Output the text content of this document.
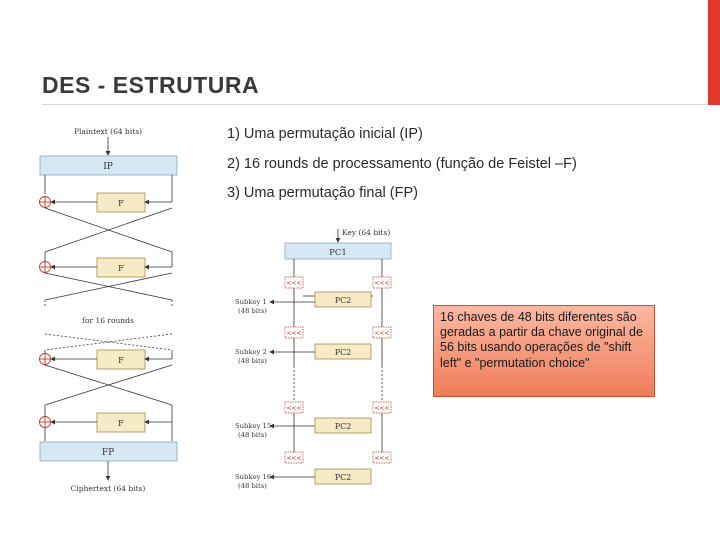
DES - ESTRUTURA
1) Uma permutação inicial (IP)
2) 16 rounds de processamento (função de Feistel –F)
3) Uma permutação final (FP)
Plaintext (64 bits)
IP
F
F
for 16 rounds
F
F
FP
Ciphertext (64 bits)
Key (64 bits)
PC1
<<<	<<<
PC2
Subkey 1
(48 bits)
<<<	<<<
PC2
Subkey 2
(48 bits)
<<<	<<<
PC2
Subkey 15
(48 bits)
<<<	<<<
PC2
Subkey 16
(48 bits)
16 chaves de 48 bits diferentes são geradas a partir da chave original de 56 bits usando operações de "shift left" e "permutation choice"
